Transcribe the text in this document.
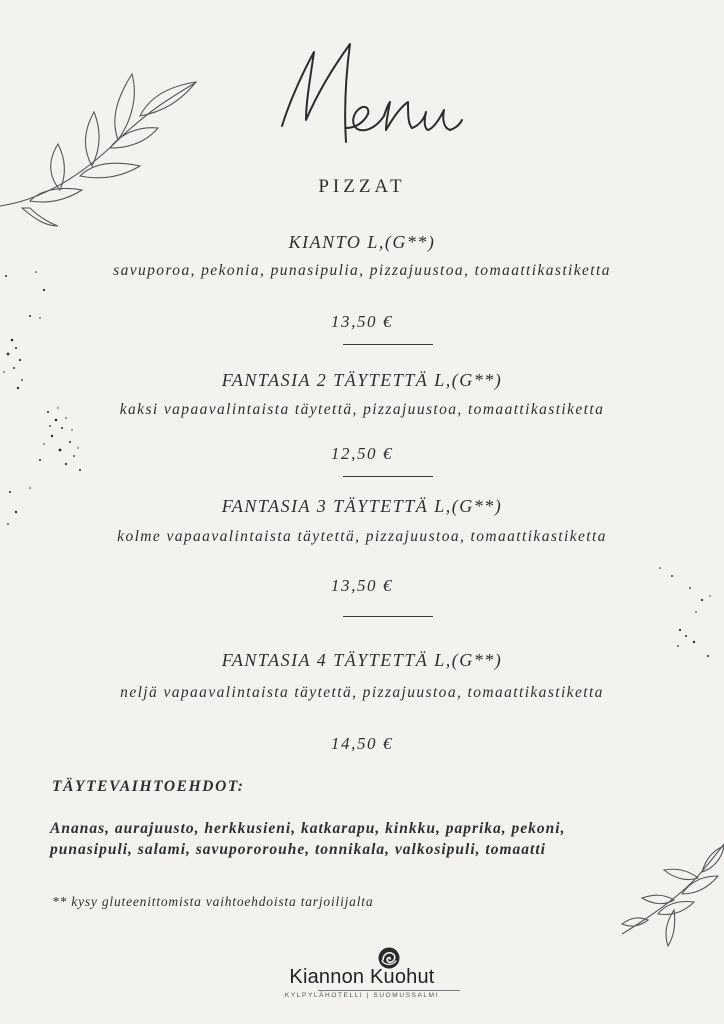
PIZZAT
KIANTO L,(G**)
savuporoa, pekonia, punasipulia, pizzajuustoa, tomaattikastiketta
13,50 €
FANTASIA 2 TÄYTETTÄ L,(G**)
kaksi vapaavalintaista täytettä, pizzajuustoa, tomaattikastiketta
12,50 €
FANTASIA 3 TÄYTETTÄ L,(G**)
kolme vapaavalintaista täytettä, pizzajuustoa, tomaattikastiketta
13,50 €
FANTASIA 4 TÄYTETTÄ L,(G**)
neljä vapaavalintaista täytettä, pizzajuustoa, tomaattikastiketta
14,50 €
TÄYTEVAIHTOEHDOT:
Ananas, aurajuusto, herkkusieni, katkarapu, kinkku, paprika, pekoni,
punasipuli, salami, savupororouhe, tonnikala, valkosipuli, tomaatti
** kysy gluteenittomista vaihtoehdoista tarjoilijalta
Kiannon Kuohut
KYLPYLÄHOTELLI | SUOMUSSALMI
